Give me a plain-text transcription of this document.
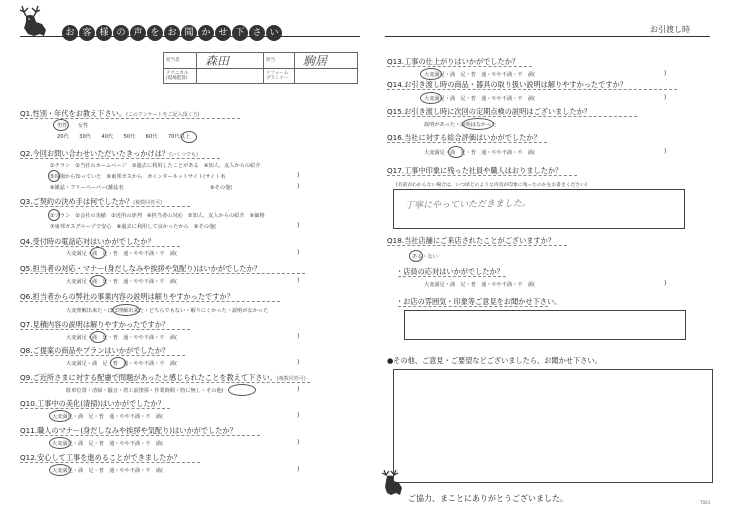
お 客 様 の 声 を お 聞 か せ 下 さ い
担当者	森田	担当	駒居

テクニカル
(現場監督)		リフォーム
プランナー	
お引渡し時
Q1.性別・年代をお教え下さい。(このアンケートをご記入頂く方)
男性　　女性
20代　　30代　　40代　　50代　　60代　　70代以上
Q2.今回お問い合わせいただいたきっかけは？(いくつでも)
①チラシ　②当社のホームページ　③過去に利用したことがある　④知人、友人からの紹介
⑤現場から知っていた　⑥東邦ガスから　⑦インターネットサイト(サイト名	)
⑧雑誌・フリーペーパー(雑誌名	⑨その他(	)
Q3.ご契約の決め手は何でしたか？(複数回答可)
①プラン　②会社の実績　③近所の評判　④担当者の対応　⑤知人、友人からの紹介　⑥価格
⑦東邦ガスグループで安心　⑧過去に利用して良かったから　⑨その他(	)
Q4.受付時の電話応対はいかがでしたか？
大変満足・満　足・普　通・やや不満・不　満(	)
Q5.担当者の対応・マナー(身だしなみや挨拶や気配り)はいかがでしたか？
大変満足・満　足・普　通・やや不満・不　満(	)
Q6.担当者からの弊社の事業内容の説明は解りやすかったですか？
大変理解出来た・ほぼ理解出来た・どちらでもない・解りにくかった・説明がなかった
Q7.見積内容の説明は解りやすかったですか？
大変満足・満　足・普　通・やや不満・不　満(	)
Q8.ご提案の商品やプランはいかがでしたか？
大変満足・満　足・普　通・やや不満・不　満(	)
Q9.ご近所さまに対する配慮で問題があったと感じられたことを教えて下さい。(複数回答可)
駐車位置・清掃・騒音・着工前挨拶・作業時間・特に無し・その他(	)
Q10.工事中の美化(清掃)はいかがでしたか？
大変満足・満　足・普　通・やや不満・不　満(	)
Q11.職人のマナー(身だしなみや挨拶や気配り)はいかがでしたか？
大変満足・満　足・普　通・やや不満・不　満(	)
Q12.安心して工事を進めることができましたか？
大変満足・満　足・普　通・やや不満・不　満(	)
Q13.工事の仕上がりはいかがでしたか？
大変満足・満　足・普　通・やや不満・不　満(	)
Q14.お引き渡し時の商品・器具の取り扱い説明は解りやすかったですか？
大変満足・満　足・普　通・やや不満・不　満(	)
Q15.お引き渡し時に次回の定期点検の説明はございましたか？
説明があった・説明はなかった
Q16.当社に対する総合評価はいかがでしたか？
大変満足・満　足・普　通・やや不満・不　満(	)
Q17.工事中印象に残った社員や職人はおりましたか？
(名前がわからない場合は、いつ頃どのような内容が印象に残ったのかをお書きください)
丁寧にやっていただきました。
Q18.当社店舗にご来店されたことがございますか？
ある・ない
・店員の応対はいかがでしたか？
大変満足・満　足・普　通・やや不満・不　満(	)
・お店の雰囲気・印象等ご意見をお聞かせ下さい。
●その他、ご意見・ご要望などございましたら、お聞かせ下さい。
ご協力、まことにありがとうございました。	T003
